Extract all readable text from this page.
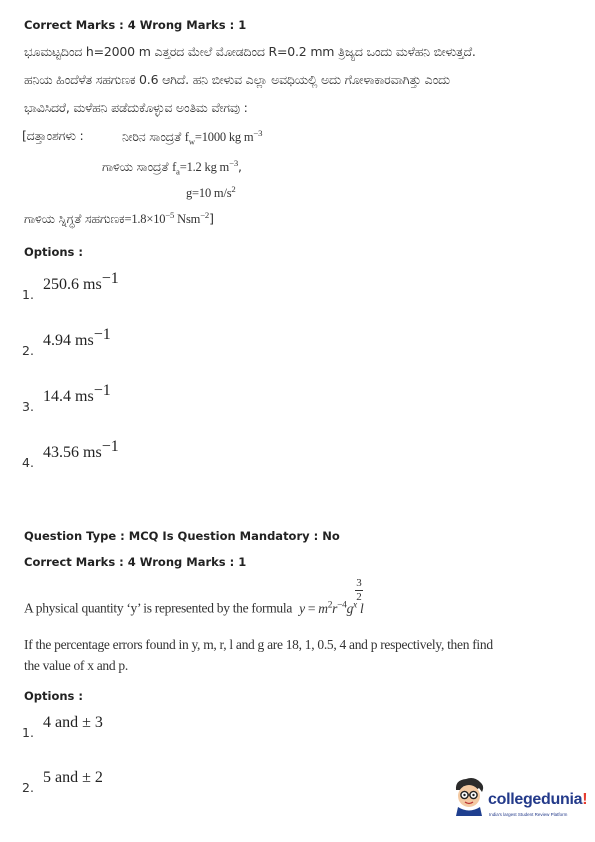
Correct Marks : 4 Wrong Marks : 1
ಭೂಮಟ್ಟದಿಂದ h=2000 m ಎತ್ತರದ ಮೇಲೆ ಮೋಡದಿಂದ R=0.2 mm ತ್ರಿಜ್ಯದ ಒಂದು ಮಳೆಹನಿ ಬೀಳುತ್ತದೆ.
ಹನಿಯ ಹಿಂದೆಳೆತ ಸಹಗುಣಕ 0.6 ಆಗಿದೆ. ಹನಿ ಬೀಳುವ ಎಲ್ಲಾ ಅವಧಿಯಲ್ಲಿ ಅದು ಗೋಳಾಕಾರವಾಗಿತ್ತು ಎಂದು
ಭಾವಿಸಿದರೆ, ಮಳೆಹನಿ ಪಡೆದುಕೊಳ್ಳುವ ಅಂತಿಮ ವೇಗವು :
[ದತ್ತಾಂಶಗಳು :	ನೀರಿನ ಸಾಂದ್ರತೆ $f_w=1000$ kg $m^{-3}$
ಗಾಳಿಯ ಸಾಂದ್ರತೆ $f_a=1.2$ kg $m^{-3}$,
g=10 $m/s^2$
ಗಾಳಿಯ ಸ್ನಿಗ್ಧತೆ $ಸಹಗುಣಕ=1.8\times 10^{-5}$ Nsm$^{-2}$]
Options :
$_{1.}$ 250.6 $ms^{-1}$
$_{2.}$ 4.94 $ms^{-1}$
$_{3.}$ 14.4 $ms^{-1}$
$_{4.}$ 43.56 $ms^{-1}$
Question Type : MCQ Is Question Mandatory : No
Correct Marks : 4 Wrong Marks : 1
A physical quantity ‘y’ is represented by the formula $y = m^2r^{-4}g^x$ l
3
2
If the percentage errors found in y, m, r, l and g are 18, 1, 0.5, 4 and p respectively, then find
the value of x and p.
Options :
$_{1.}$ 4 and ± 3
$_{2.}$ 5 and ± 2
collegedunia!
India's largest Student Review Platform
